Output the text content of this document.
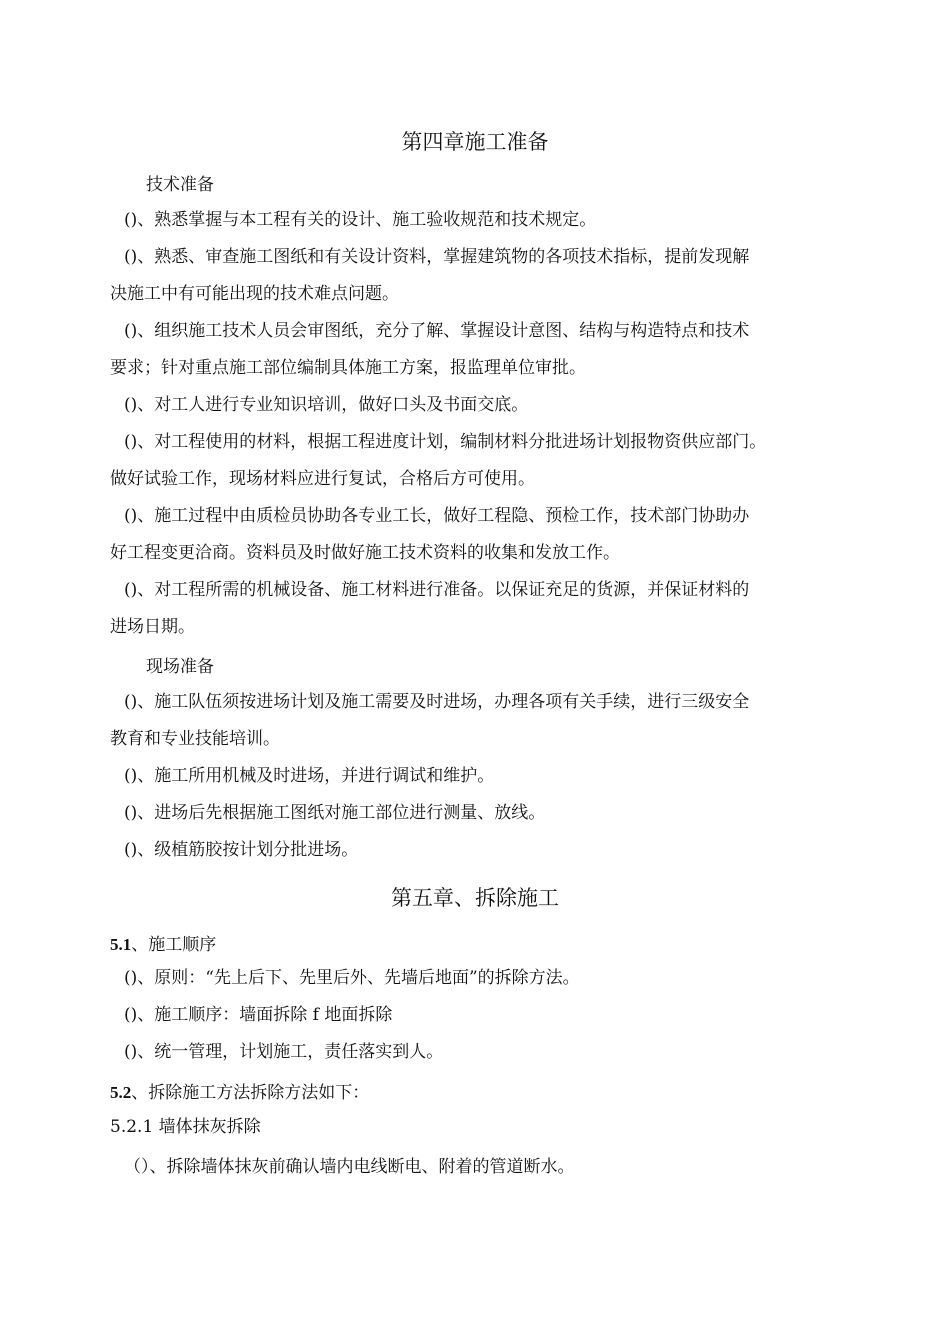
第四章施工准备
技术准备
()、熟悉掌握与本工程有关的设计、施工验收规范和技术规定。
()、熟悉、审查施工图纸和有关设计资料，掌握建筑物的各项技术指标，提前发现解
决施工中有可能出现的技术难点问题。
()、组织施工技术人员会审图纸，充分了解、掌握设计意图、结构与构造特点和技术
要求；针对重点施工部位编制具体施工方案，报监理单位审批。
()、对工人进行专业知识培训，做好口头及书面交底。
()、对工程使用的材料，根据工程进度计划，编制材料分批进场计划报物资供应部门。
做好试验工作，现场材料应进行复试，合格后方可使用。
()、施工过程中由质检员协助各专业工长，做好工程隐、预检工作，技术部门协助办
好工程变更洽商。资料员及时做好施工技术资料的收集和发放工作。
()、对工程所需的机械设备、施工材料进行准备。以保证充足的货源，并保证材料的
进场日期。
现场准备
()、施工队伍须按进场计划及施工需要及时进场，办理各项有关手续，进行三级安全
教育和专业技能培训。
()、施工所用机械及时进场，并进行调试和维护。
()、进场后先根据施工图纸对施工部位进行测量、放线。
()、级植筋胶按计划分批进场。
第五章、拆除施工
5.1、施工顺序
()、原则：“先上后下、先里后外、先墙后地面”的拆除方法。
()、施工顺序：墙面拆除 f 地面拆除
()、统一管理，计划施工，责任落实到人。
5.2、拆除施工方法拆除方法如下：
5.2.1 墙体抹灰拆除
（）、拆除墙体抹灰前确认墙内电线断电、附着的管道断水。
